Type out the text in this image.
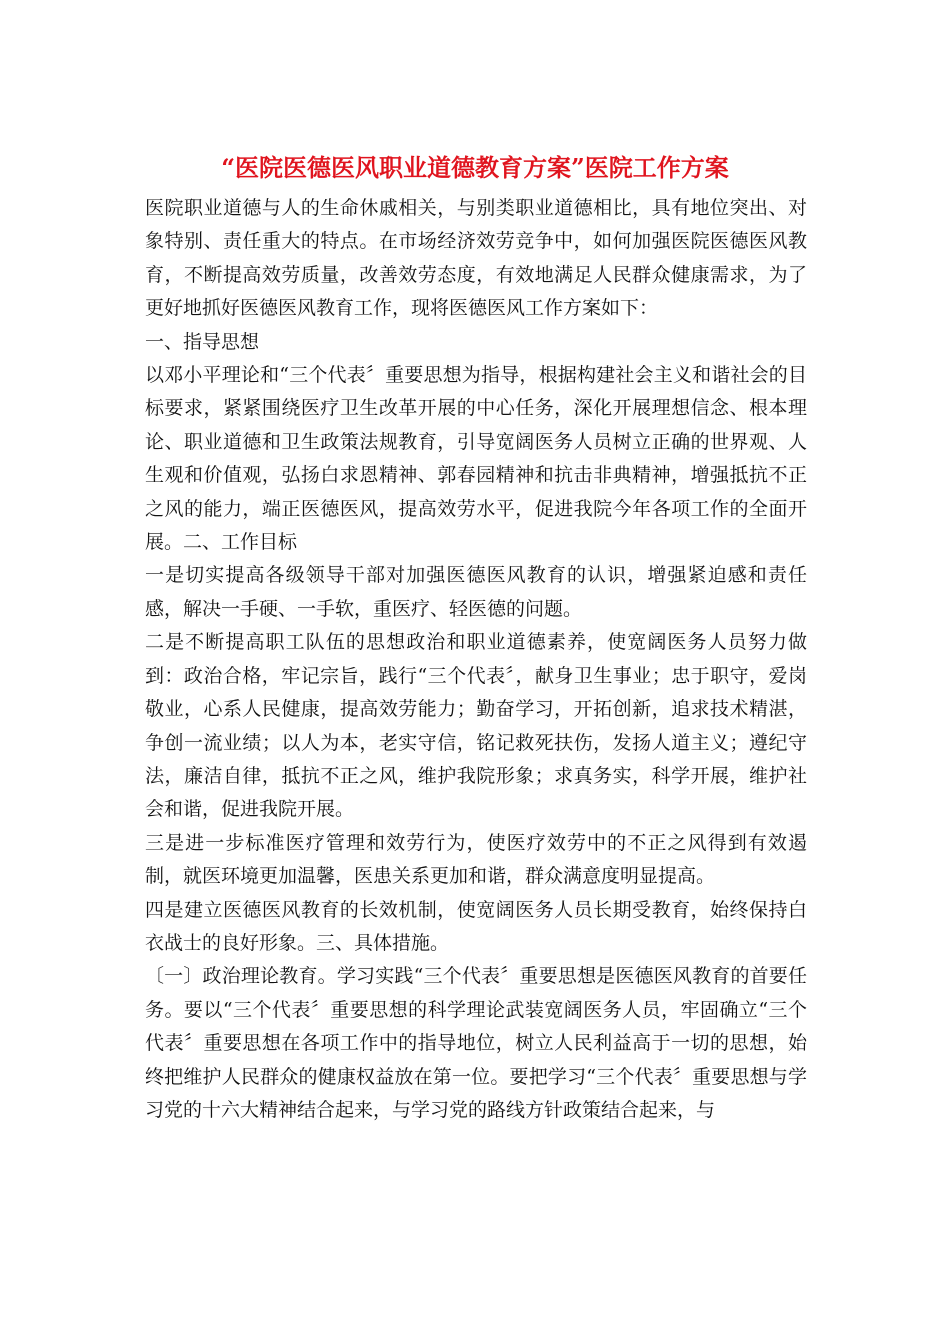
“医院医德医风职业道德教育方案”医院工作方案

医院职业道德与人的生命休戚相关，与别类职业道德相比，具有地位突出、对象特别、责任重大的特点。在市场经济效劳竞争中，如何加强医院医德医风教育，不断提高效劳质量，改善效劳态度，有效地满足人民群众健康需求，为了更好地抓好医德医风教育工作，现将医德医风工作方案如下：

一、指导思想

以邓小平理论和“三个代表〞重要思想为指导，根据构建社会主义和谐社会的目标要求，紧紧围绕医疗卫生改革开展的中心任务，深化开展理想信念、根本理论、职业道德和卫生政策法规教育，引导宽阔医务人员树立正确的世界观、人生观和价值观，弘扬白求恩精神、郭春园精神和抗击非典精神，增强抵抗不正之风的能力，端正医德医风，提高效劳水平，促进我院今年各项工作的全面开展。二、工作目标

一是切实提高各级领导干部对加强医德医风教育的认识，增强紧迫感和责任感，解决一手硬、一手软，重医疗、轻医德的问题。

二是不断提高职工队伍的思想政治和职业道德素养，使宽阔医务人员努力做到：政治合格，牢记宗旨，践行“三个代表〞，献身卫生事业；忠于职守，爱岗敬业，心系人民健康，提高效劳能力；勤奋学习，开拓创新，追求技术精湛，争创一流业绩；以人为本，老实守信，铭记救死扶伤，发扬人道主义；遵纪守法，廉洁自律，抵抗不正之风，维护我院形象；求真务实，科学开展，维护社会和谐，促进我院开展。

三是进一步标准医疗管理和效劳行为，使医疗效劳中的不正之风得到有效遏制，就医环境更加温馨，医患关系更加和谐，群众满意度明显提高。

四是建立医德医风教育的长效机制，使宽阔医务人员长期受教育，始终保持白衣战士的良好形象。三、具体措施。

〔一〕政治理论教育。学习实践“三个代表〞重要思想是医德医风教育的首要任务。要以“三个代表〞重要思想的科学理论武装宽阔医务人员，牢固确立“三个代表〞重要思想在各项工作中的指导地位，树立人民利益高于一切的思想，始终把维护人民群众的健康权益放在第一位。要把学习“三个代表〞重要思想与学习党的十六大精神结合起来，与学习党的路线方针政策结合起来，与
